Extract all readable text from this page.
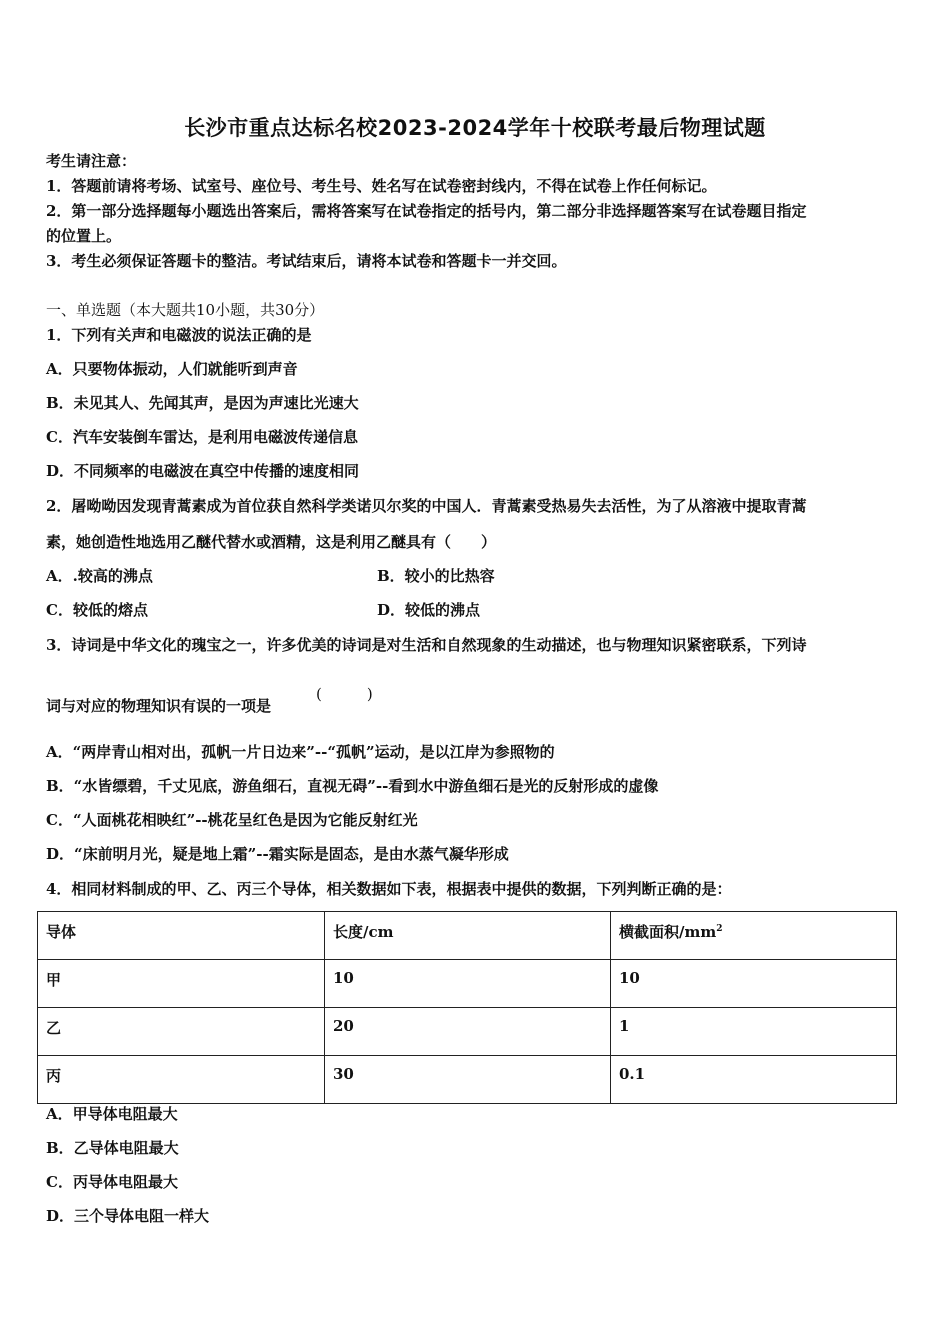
长沙市重点达标名校2023-2024学年十校联考最后物理试题
考生请注意：
1．答题前请将考场、试室号、座位号、考生号、姓名写在试卷密封线内，不得在试卷上作任何标记。
2．第一部分选择题每小题选出答案后，需将答案写在试卷指定的括号内，第二部分非选择题答案写在试卷题目指定
的位置上。
3．考生必须保证答题卡的整洁。考试结束后，请将本试卷和答题卡一并交回。
一、单选题（本大题共10小题，共30分）
1．下列有关声和电磁波的说法正确的是
A．只要物体振动，人们就能听到声音
B．未见其人、先闻其声，是因为声速比光速大
C．汽车安装倒车雷达，是利用电磁波传递信息
D．不同频率的电磁波在真空中传播的速度相同
2．屠呦呦因发现青蒿素成为首位获自然科学类诺贝尔奖的中国人．青蒿素受热易失去活性，为了从溶液中提取青蒿
素，她创造性地选用乙醚代替水或酒精，这是利用乙醚具有（　　）
A．.较高的沸点	B．较小的比热容
C．较低的熔点	D．较低的沸点
3．诗词是中华文化的瑰宝之一，许多优美的诗词是对生活和自然现象的生动描述，也与物理知识紧密联系，下列诗
词与对应的物理知识有误的一项是
(　　　)
A．“两岸青山相对出，孤帆一片日边来”--“孤帆”运动，是以江岸为参照物的
B．“水皆缥碧，千丈见底，游鱼细石，直视无碍”--看到水中游鱼细石是光的反射形成的虚像
C．“人面桃花相映红”--桃花呈红色是因为它能反射红光
D．“床前明月光，疑是地上霜”--霜实际是固态，是由水蒸气凝华形成
4．相同材料制成的甲、乙、丙三个导体，相关数据如下表，根据表中提供的数据，下列判断正确的是：
导体	长度/cm	横截面积$/mm^2$
甲	10	10
乙	20	1
丙	30	0.1
A．甲导体电阻最大
B．乙导体电阻最大
C．丙导体电阻最大
D．三个导体电阻一样大
